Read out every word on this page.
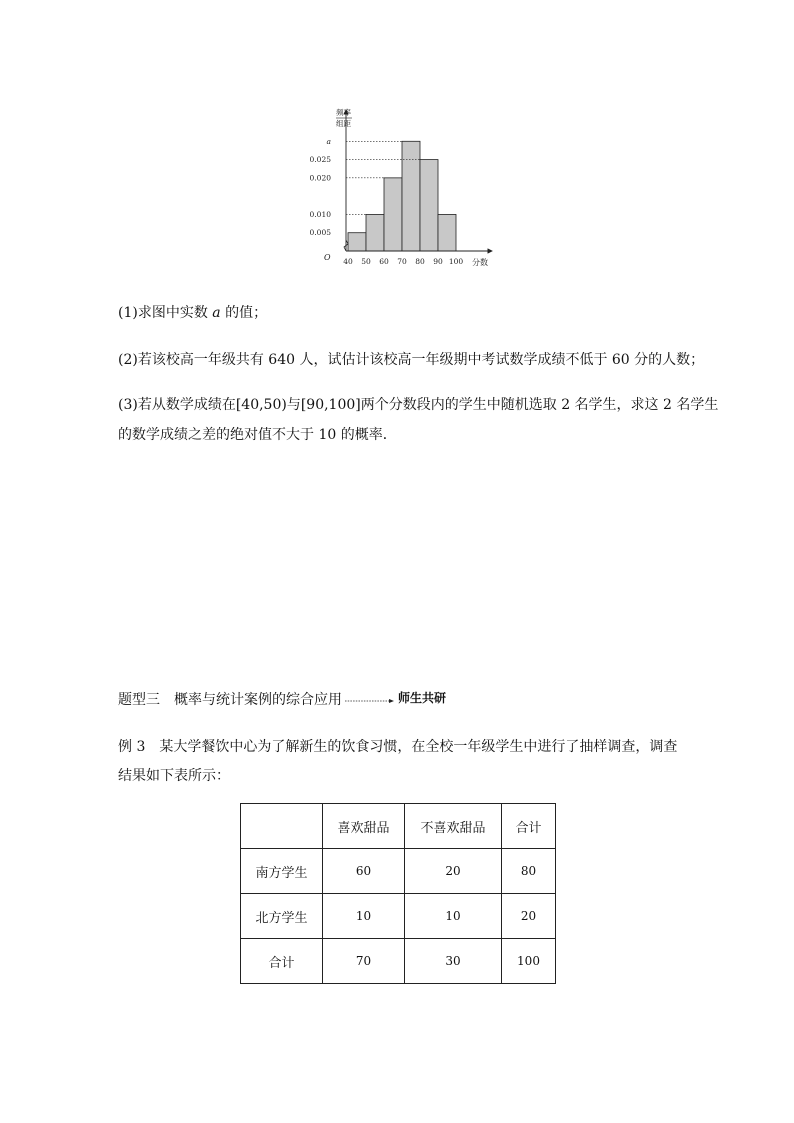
频率
组距
O
分数
40 50 60 70 80 90 100
0.005
0.010
0.020
0.025
a
(1)求图中实数 a 的值；
(2)若该校高一年级共有 640 人，试估计该校高一年级期中考试数学成绩不低于 60 分的人数；
(3)若从数学成绩在[40,50)与[90,100]两个分数段内的学生中随机选取 2 名学生，求这 2 名学生
的数学成绩之差的绝对值不大于 10 的概率．
题型三　概率与统计案例的综合应用	师生共研
例 3　某大学餐饮中心为了解新生的饮食习惯，在全校一年级学生中进行了抽样调查，调查
结果如下表所示：
	喜欢甜品	不喜欢甜品	合计
南方学生	60	20	80
北方学生	10	10	20
合计	70	30	100
